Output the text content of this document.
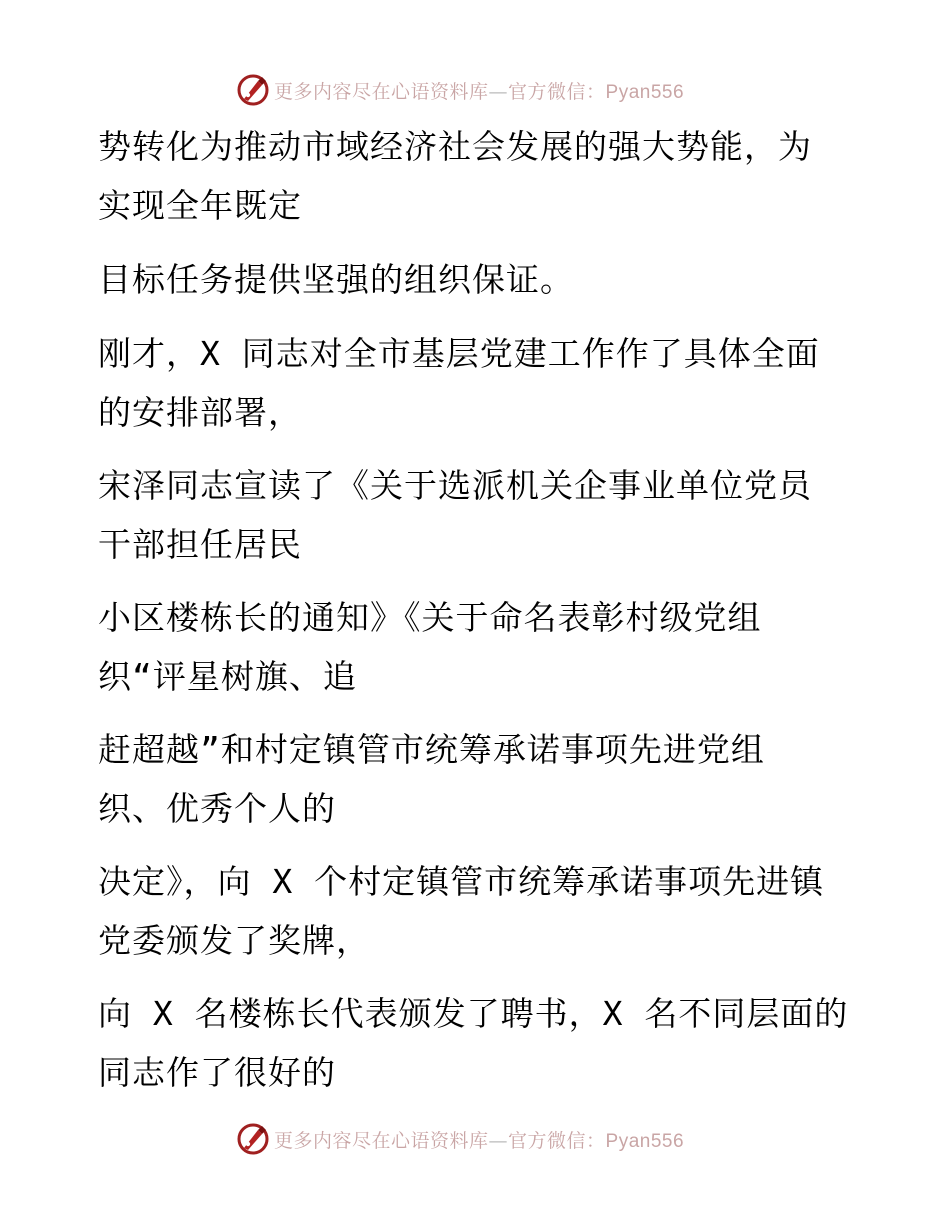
更多内容尽在心语资料库—官方微信：Pyan556
势转化为推动市域经济社会发展的强大势能，为
实现全年既定
目标任务提供坚强的组织保证。
刚才，X 同志对全市基层党建工作作了具体全面
的安排部署，
宋泽同志宣读了《关于选派机关企事业单位党员
干部担任居民
小区楼栋长的通知》《关于命名表彰村级党组
织“评星树旗、追
赶超越”和村定镇管市统筹承诺事项先进党组
织、优秀个人的
决定》，向 X 个村定镇管市统筹承诺事项先进镇
党委颁发了奖牌，
向 X 名楼栋长代表颁发了聘书，X 名不同层面的
同志作了很好的
更多内容尽在心语资料库—官方微信：Pyan556
